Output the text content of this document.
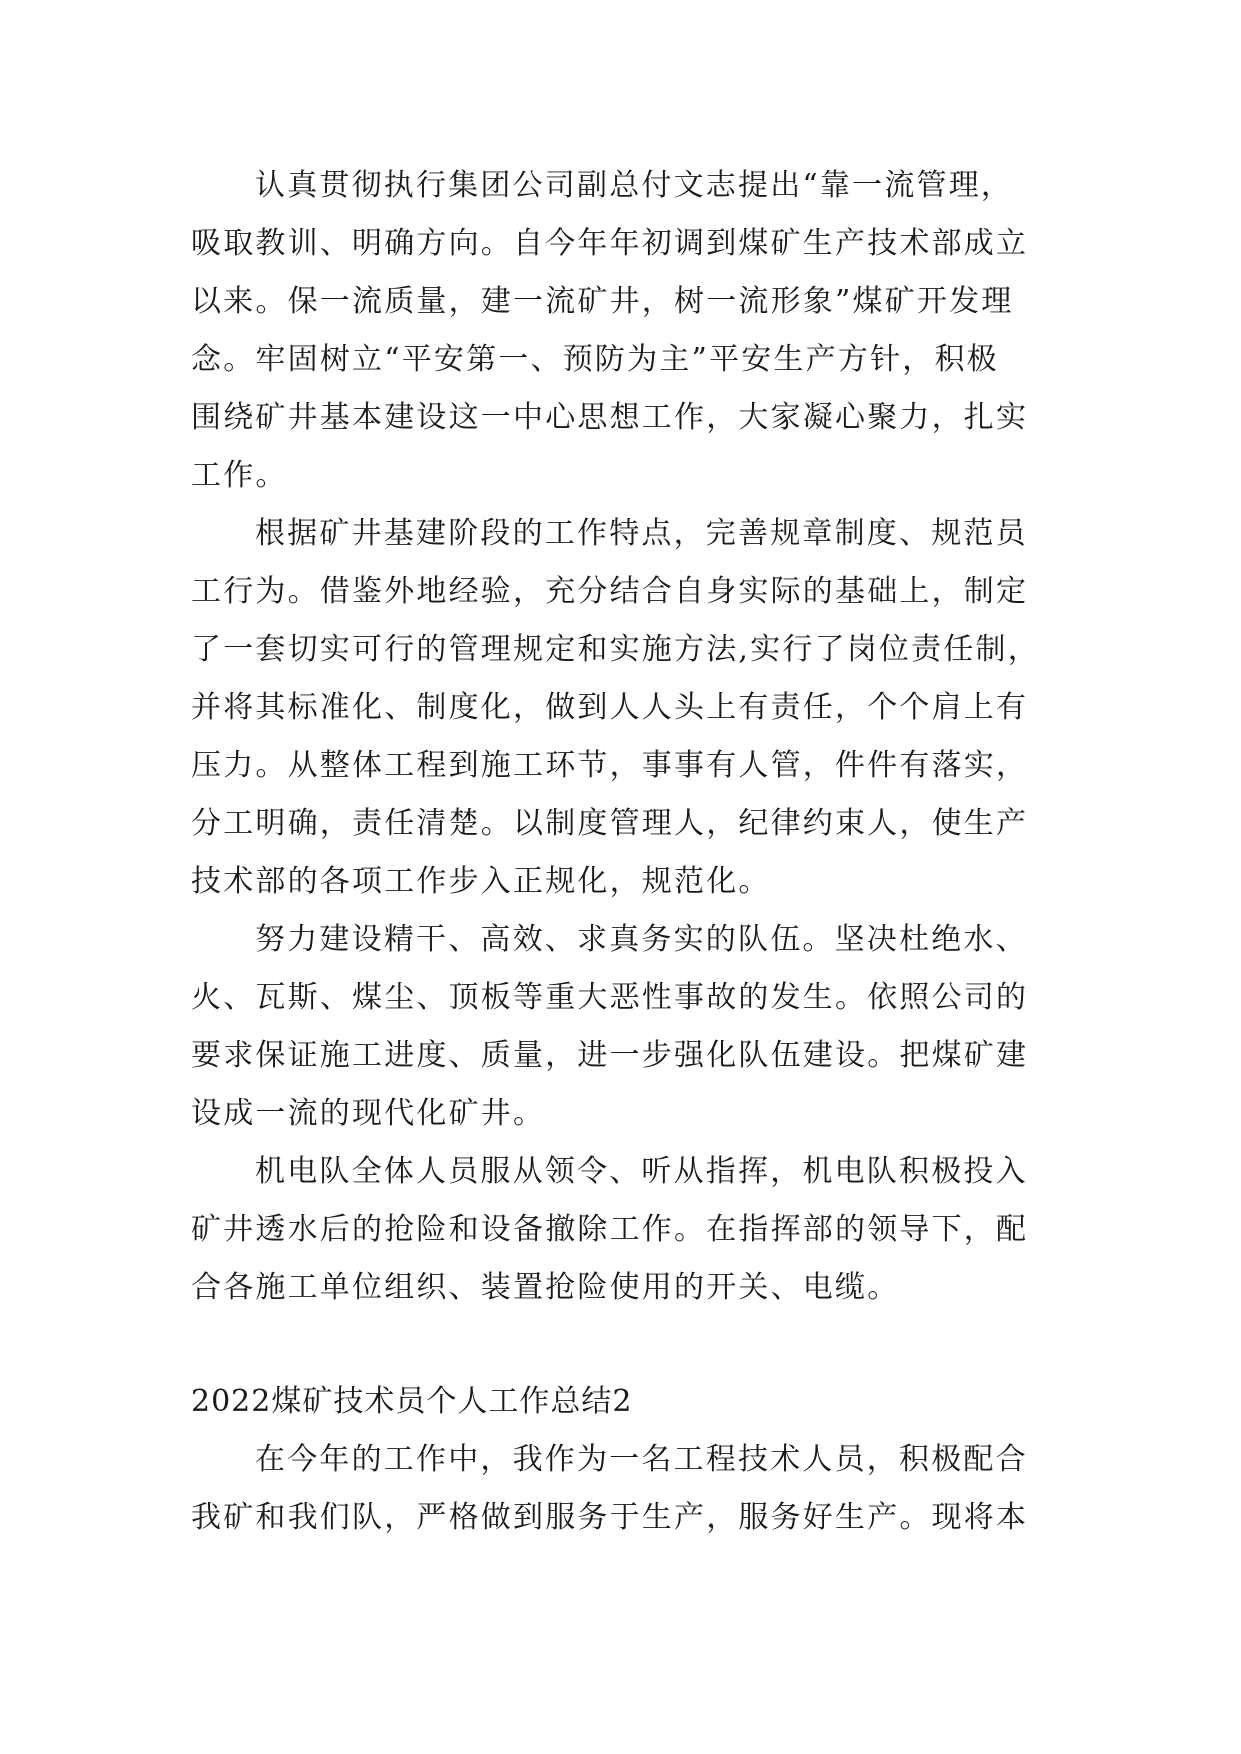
认真贯彻执行集团公司副总付文志提出“靠一流管理，
吸取教训、明确方向。自今年年初调到煤矿生产技术部成立
以来。保一流质量，建一流矿井，树一流形象”煤矿开发理
念。牢固树立“平安第一、预防为主”平安生产方针，积极
围绕矿井基本建设这一中心思想工作，大家凝心聚力，扎实
工作。

根据矿井基建阶段的工作特点，完善规章制度、规范员
工行为。借鉴外地经验，充分结合自身实际的基础上，制定
了一套切实可行的管理规定和实施方法,实行了岗位责任制，
并将其标准化、制度化，做到人人头上有责任，个个肩上有
压力。从整体工程到施工环节，事事有人管，件件有落实，
分工明确，责任清楚。以制度管理人，纪律约束人，使生产
技术部的各项工作步入正规化，规范化。

努力建设精干、高效、求真务实的队伍。坚决杜绝水、
火、瓦斯、煤尘、顶板等重大恶性事故的发生。依照公司的
要求保证施工进度、质量，进一步强化队伍建设。把煤矿建
设成一流的现代化矿井。

机电队全体人员服从领令、听从指挥，机电队积极投入
矿井透水后的抢险和设备撤除工作。在指挥部的领导下，配
合各施工单位组织、装置抢险使用的开关、电缆。

2022煤矿技术员个人工作总结2

在今年的工作中，我作为一名工程技术人员，积极配合
我矿和我们队，严格做到服务于生产，服务好生产。现将本
